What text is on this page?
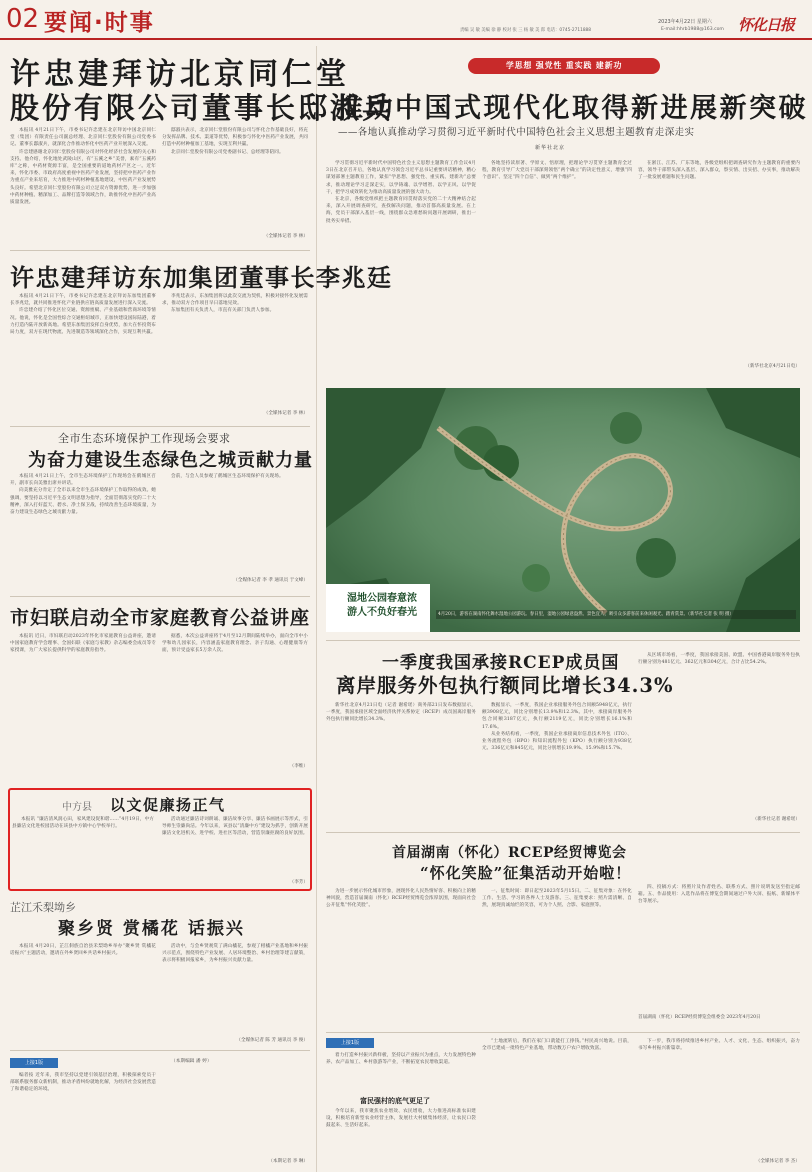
02 要闻·时事	2023年4月22日 星期六
责编 吴 敏 美编 徐 静 校对 张 三 杨 敏 美 郎 电话：0745-2711888	E-mail:hhrb1988@163.com 怀化日报
许忠建拜访北京同仁堂
股份有限公司董事长邸淑兵

本报讯 4月21日下午，市委书记许忠建在北京拜访中国北京同仁堂（集团）有限责任公司副总经理、北京同仁堂股份有限公司党委书记、董事长邸淑兵，就深化合作推动怀化中医药产业开展深入交流。

许忠建感谢北京同仁堂股份有限公司对怀化经济社会发展的关心和支持。他介绍，怀化地处武陵山区，有“五溪之乡”美誉，素有“五溪药库”之称，中药材资源丰富，是全国重要的道地药材产区之一。近年来，怀化市委、市政府高度重视中医药产业发展，坚持把中医药产业作为重点产业来培育，大力推进中药材种植基地建设，中医药产业发展势头良好。希望北京同仁堂股份有限公司立足双方资源优势，进一步加强中药材种植、精深加工、品牌打造等领域合作，助推怀化中医药产业高质量发展。

邸淑兵表示，北京同仁堂股份有限公司与怀化合作基础良好，将充分发挥品牌、技术、渠道等优势，积极参与怀化中医药产业发展，共同打造中药材种植加工基地，实现互利共赢。

北京同仁堂股份有限公司党委副书记、总经理等陪同。

（全媒体记者 李 林）
许忠建拜访东加集团董事长李兆廷

本报讯 4月21日下午，市委书记许忠建在北京拜访东加集团董事长李兆廷，就共同推进怀化产业链供应链高质量发展进行深入交流。

许忠建介绍了怀化区位交通、资源禀赋、产业基础和营商环境等情况。他说，怀化是全国性综合交通枢纽城市，正加快建设国际陆港，着力打造内陆开放新高地。希望东加集团发挥自身优势，加大在怀投资布局力度，双方在现代物流、先进制造等领域深化合作，实现互利共赢。

李兆廷表示，东加集团将以此次交流为契机，积极对接怀化发展需求，推动双方合作项目早日落地见效。

东加集团有关负责人，市直有关部门负责人参加。

（全媒体记者 李 林）
全市生态环境保护工作现场会要求
为奋力建设生态绿色之城贡献力量

本报讯 4月21日上午，全市生态环境保护工作现场会在鹤城区召开，副市长向美雅出席并讲话。

向美雅充分肯定了全市以来全市生态环境保护工作取得的成效。她强调，要坚持以习近平生态文明思想为指导，全面贯彻落实党的二十大精神，深入打好蓝天、碧水、净土保卫战，持续改善生态环境质量，为奋力建设生态绿色之城贡献力量。

会前，与会人员参观了鹤城区生态环境保护有关现场。

（全媒体记者 李 孝 通讯员 于文峰）
市妇联启动全市家庭教育公益讲座

本报讯 近日，市妇联启动2023年怀化市家庭教育公益讲座，邀请中国家庭教育学会理事、全国妇联《家庭与家教》杂志编委会成员等专家授课，为广大家长提供科学的家庭教育指导。

据悉，本次公益讲座将于4月至12月期间陆续举办，面向全市中小学和幼儿园家长，内容涵盖家庭教育理念、亲子沟通、心理健康等方面，预计受益家长5万余人次。

（李维）
中方县 以文促廉扬正气

本报讯 “廉洁清风润心田，家风建设促和谐……”4月19日，中方县廉洁文化进校园活动在该县中方镇中心学校举行。

活动通过廉洁诗词朗诵、廉洁故事分享、廉洁书画展示等形式，引导师生崇廉尚洁。今年以来，该县以“清廉中方”建设为抓手，创新开展廉洁文化进机关、进学校、进社区等活动，营造崇廉拒腐的良好氛围。

（李芳）
芷江禾梨坳乡
聚乡贤 赏橘花 话振兴

本报讯 4月20日，芷江侗族自治县禾梨坳乡举办“聚乡贤 赏橘花 话振兴”主题活动，邀请在外乡贤回乡共话乡村振兴。

活动中，与会乡贤观赏了满山橘花，参观了柑橘产业基地和乡村振兴示范点，围绕特色产业发展、人居环境整治、乡村治理等建言献策，表示将积极回报家乡，为乡村振兴贡献力量。

（全媒体记者 陈 芳 通讯员 李 俊）
上接1版

编者按 近年来，我市坚持以党建引领基层治理，积极探索党员干部联系服务群众新机制，推动矛盾纠纷就地化解，为经济社会发展营造了和谐稳定的环境。

（本期编辑 潘 婷）

（本期记者 李 琳）
学思想 强党性 重实践 建新功
推动中国式现代化取得新进展新突破
——各地认真推动学习贯彻习近平新时代中国特色社会主义思想主题教育走深走实
新华社北京

学习贯彻习近平新时代中国特色社会主义思想主题教育工作会议4月3日在北京召开后，各地认真学习领会习近平总书记重要讲话精神，精心谋划部署主题教育工作，紧扣“学思想、强党性、重实践、建新功”总要求，推动理论学习走深走实，以学铸魂、以学增智、以学正风、以学促干，把学习成效转化为推动高质量发展的强大动力。

在北京，各级党组织把主题教育同贯彻落实党的二十大精神结合起来，深入开展调查研究，查找解决问题，推动首都高质量发展。在上海，党员干部深入基层一线，围绕群众急难愁盼问题开展调研，推出一批务实举措。

各地坚持读原著、学原文、悟原理，把理论学习贯穿主题教育全过程，教育引导广大党员干部深刻领悟“两个确立”的决定性意义，增强“四个意识”、坚定“四个自信”、做到“两个维护”。

在浙江、江苏、广东等地，各级党组织把调查研究作为主题教育的重要内容，领导干部带头深入基层、深入群众，察实情、出实招、办实事，推动解决了一批发展难题和民生问题。

（新华社北京4月21日电）
湿地公园春意浓
游人不负好春光	4月20日，游客在湖南怀化舞水湿地公园游玩。春日里，湿地公园绿意盎然、景色宜人，吸引众多游客前来休闲观光、踏青赏景。（新华社记者 张 明 摄）
一季度我国承接RCEP成员国
离岸服务外包执行额同比增长34.3%

新华社北京4月21日电（记者 谢希瑶）商务部21日发布数据显示，一季度，我国承接区域全面经济伙伴关系协定（RCEP）成员国离岸服务外包执行额同比增长34.3%。

数据显示，一季度，我国企业承接服务外包合同额5948亿元，执行额3908亿元，同比分别增长13.9%和12.3%。其中，承接离岸服务外包合同额3187亿元，执行额2119亿元，同比分别增长16.1%和17.6%。

从业务结构看，一季度，我国企业承接离岸信息技术外包（ITO）、业务流程外包（BPO）和知识流程外包（KPO）执行额分别为938亿元、336亿元和845亿元，同比分别增长19.9%、15.9%和15.7%。

从区域市场看，一季度，我国承接美国、欧盟、中国香港离岸服务外包执行额分别为481亿元、362亿元和304亿元，合计占比54.2%。

（新华社记者 谢希瑶）
首届湖南（怀化）RCEP经贸博览会
“怀化笑脸”征集活动开始啦！

为进一步展示怀化城市形象，展现怀化人民热情好客、积极向上的精神风貌，营造首届湖南（怀化）RCEP经贸博览会浓厚氛围，现面向社会公开征集“怀化笑脸”。

一、征集时间：即日起至2023年5月15日。二、征集对象：在怀化工作、生活、学习的各界人士及游客。三、征集要求：照片需清晰、自然，展现真诚灿烂的笑容，可为个人照、合影、家庭照等。

四、投稿方式：将照片及作者姓名、联系方式、照片说明发送至指定邮箱。五、作品使用：入选作品将在博览会期间通过户外大屏、报纸、新媒体平台等展示。

首届湖南（怀化）RCEP经贸博览会组委会 2023年4月20日
上接1版

着力打造乡村振兴新样板，坚持以产业振兴为重点，大力发展特色种养、农产品加工、乡村旅游等产业，不断拓宽农民增收渠道。

富民强村的底气更足了

今年以来，我市聚焦农业增效、农民增收，大力推进高标准农田建设，积极培育新型农业经营主体，发展壮大村级集体经济，让农民口袋鼓起来、生活好起来。

“土地流转后，我们在家门口就能打工挣钱。”村民高兴地说。目前，全市已建成一批特色产业基地，带动数万户农户增收致富。

下一步，我市将持续推进乡村产业、人才、文化、生态、组织振兴，奋力书写乡村振兴新篇章。

（全媒体记者 李 杰）
